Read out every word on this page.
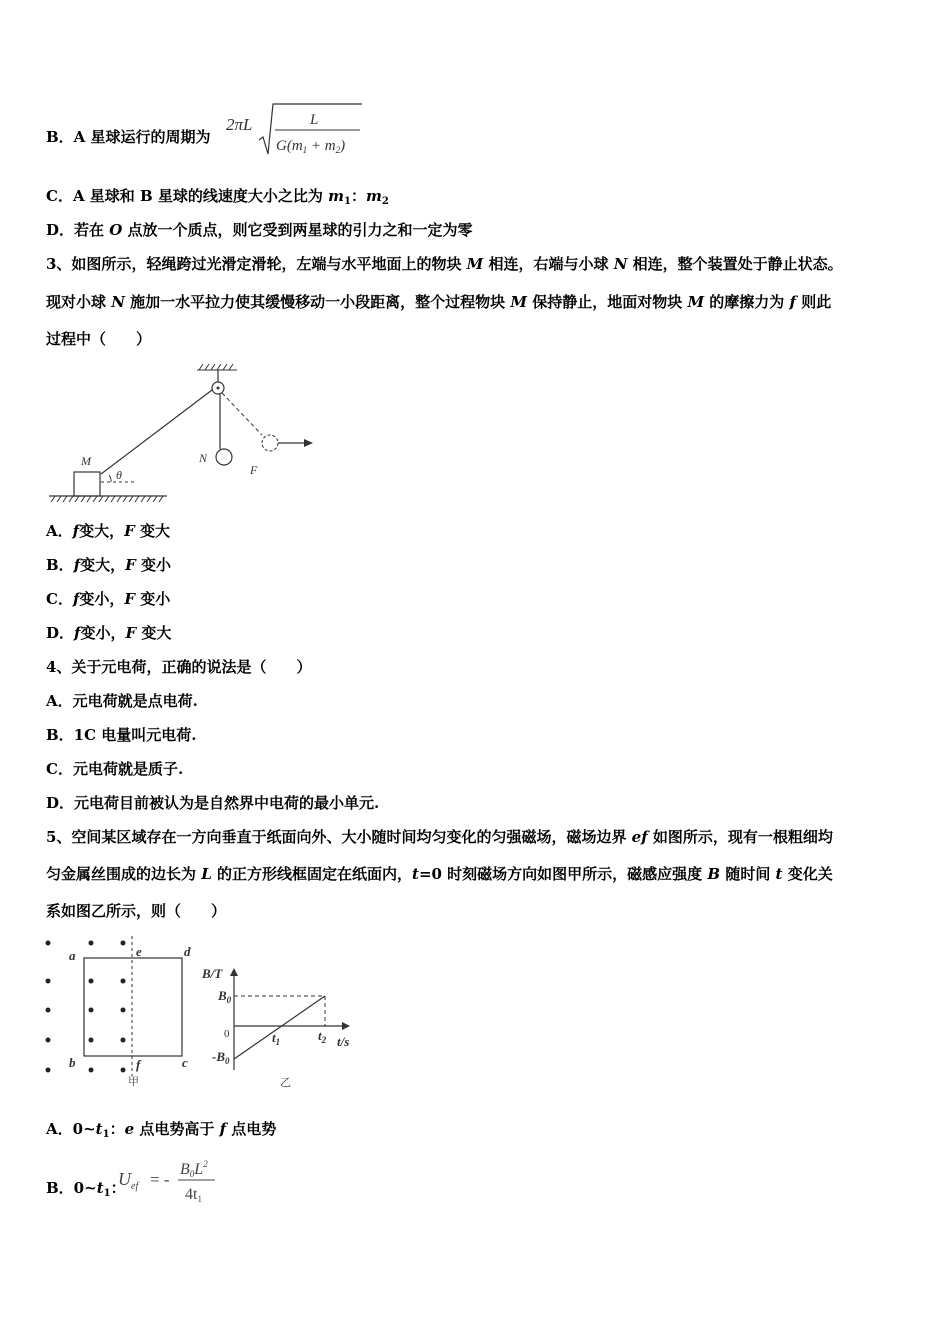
B．A 星球运行的周期为
2πL	L
$G(m_1 + m_2)$
C．A 星球和 B 星球的线速度大小之比为 $m_1$：$m_2$
D．若在 O 点放一个质点，则它受到两星球的引力之和一定为零
3、如图所示，轻绳跨过光滑定滑轮，左端与水平地面上的物块 M 相连，右端与小球 N 相连，整个装置处于静止状态。
现对小球 N 施加一水平拉力使其缓慢移动一小段距离，整个过程物块 M 保持静止，地面对物块 M 的摩擦力为 f 则此
过程中（　　）
M
θ
N
F
A．f变大，F 变大
B．f变大，F 变小
C．f变小，F 变小
D．f变小，F 变大
4、关于元电荷，正确的说法是（　　）
A．元电荷就是点电荷.
B．1C 电量叫元电荷.
C．元电荷就是质子.
D．元电荷目前被认为是自然界中电荷的最小单元.
5、空间某区域存在一方向垂直于纸面向外、大小随时间均匀变化的匀强磁场，磁场边界 ef 如图所示，现有一根粗细均
匀金属丝围成的边长为 L 的正方形线框固定在纸面内，t=0 时刻磁场方向如图甲所示，磁感应强度 B 随时间 t 变化关
系如图乙所示，则（　　）
a	e	d
b	f	c
甲
B/T
$B_0$
0
$-B_0$
$t_1$	$t_2$ t/s
乙
A．$0\sim t_1$：e 点电势高于 f 点电势
B．$0\sim t_1$：
$U_{ef}$ = -
$B0L^2$
4t1
